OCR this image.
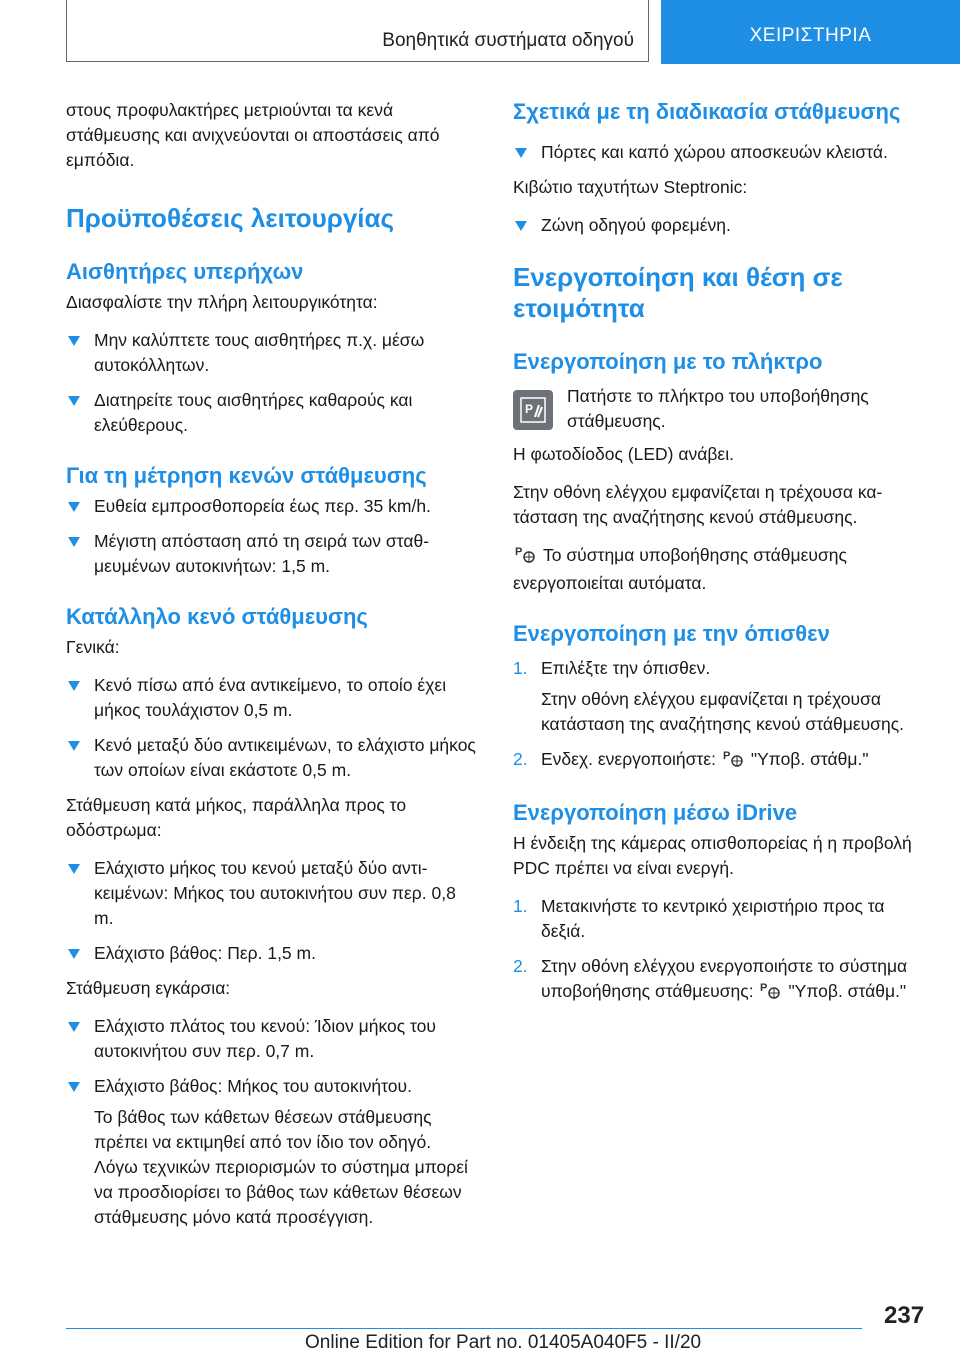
Βοηθητικά συστήματα οδηγού	ΧΕΙΡΙΣΤΗΡΙΑ

στους προφυλακτήρες μετριούνται τα κενά στάθμευσης και ανιχνεύονται οι αποστάσεις από εμπόδια.

Προϋποθέσεις λειτουργίας
Αισθητήρες υπερήχων

Διασφαλίστε την πλήρη λειτουργικότητα:

Μην καλύπτετε τους αισθητήρες π.χ. μέσω αυτοκόλλητων.
Διατηρείτε τους αισθητήρες καθαρούς και ελεύθερους.
Για τη μέτρηση κενών στάθμευσης
Ευθεία εμπροσθοπορεία έως περ. 35 km/h.
Μέγιστη απόσταση από τη σειρά των σταθμευμένων αυτοκινήτων: 1,5 m.
Κατάλληλο κενό στάθμευσης

Γενικά:

Κενό πίσω από ένα αντικείμενο, το οποίο έχει μήκος τουλάχιστον 0,5 m.
Κενό μεταξύ δύο αντικειμένων, το ελάχιστο μήκος των οποίων είναι εκάστοτε 0,5 m.

Στάθμευση κατά μήκος, παράλληλα προς το οδόστρωμα:

Ελάχιστο μήκος του κενού μεταξύ δύο αντικειμένων: Μήκος του αυτοκινήτου συν περ. 0,8 m.
Ελάχιστο βάθος: Περ. 1,5 m.

Στάθμευση εγκάρσια:

Ελάχιστο πλάτος του κενού: Ίδιον μήκος του αυτοκινήτου συν περ. 0,7 m.
Ελάχιστο βάθος: Μήκος του αυτοκινήτου.
Το βάθος των κάθετων θέσεων στάθμευσης πρέπει να εκτιμηθεί από τον ίδιο τον οδηγό. Λόγω τεχνικών περιορισμών το σύστημα μπορεί να προσδιορίσει το βάθος των κάθετων θέσεων στάθμευσης μόνο κατά προσέγγιση.
Σχετικά με τη διαδικασία στάθμευσης
Πόρτες και καπό χώρου αποσκευών κλειστά.

Κιβώτιο ταχυτήτων Steptronic:

Ζώνη οδηγού φορεμένη.
Ενεργοποίηση και θέση σε ετοιμότητα
Ενεργοποίηση με το πλήκτρο
P

Πατήστε το πλήκτρο του υποβοήθησης στάθμευσης.

Η φωτοδίοδος (LED) ανάβει.

Στην οθόνη ελέγχου εμφανίζεται η τρέχουσα κατάσταση της αναζήτησης κενού στάθμευσης.

P Το σύστημα υποβοήθησης στάθμευσης ενεργοποιείται αυτόματα.

Ενεργοποίηση με την όπισθεν
1. Επιλέξτε την όπισθεν.
Στην οθόνη ελέγχου εμφανίζεται η τρέχουσα κατάσταση της αναζήτησης κενού στάθμευσης.
2. Ενδεχ. ενεργοποιήστε: P "Υποβ. στάθμ."
Ενεργοποίηση μέσω iDrive

Η ένδειξη της κάμερας οπισθοπορείας ή η προβολή PDC πρέπει να είναι ενεργή.

1. Μετακινήστε το κεντρικό χειριστήριο προς τα δεξιά.
2. Στην οθόνη ελέγχου ενεργοποιήστε το σύστημα υποβοήθησης στάθμευσης: P "Υποβ. στάθμ."
237
Online Edition for Part no. 01405A040F5 - II/20
